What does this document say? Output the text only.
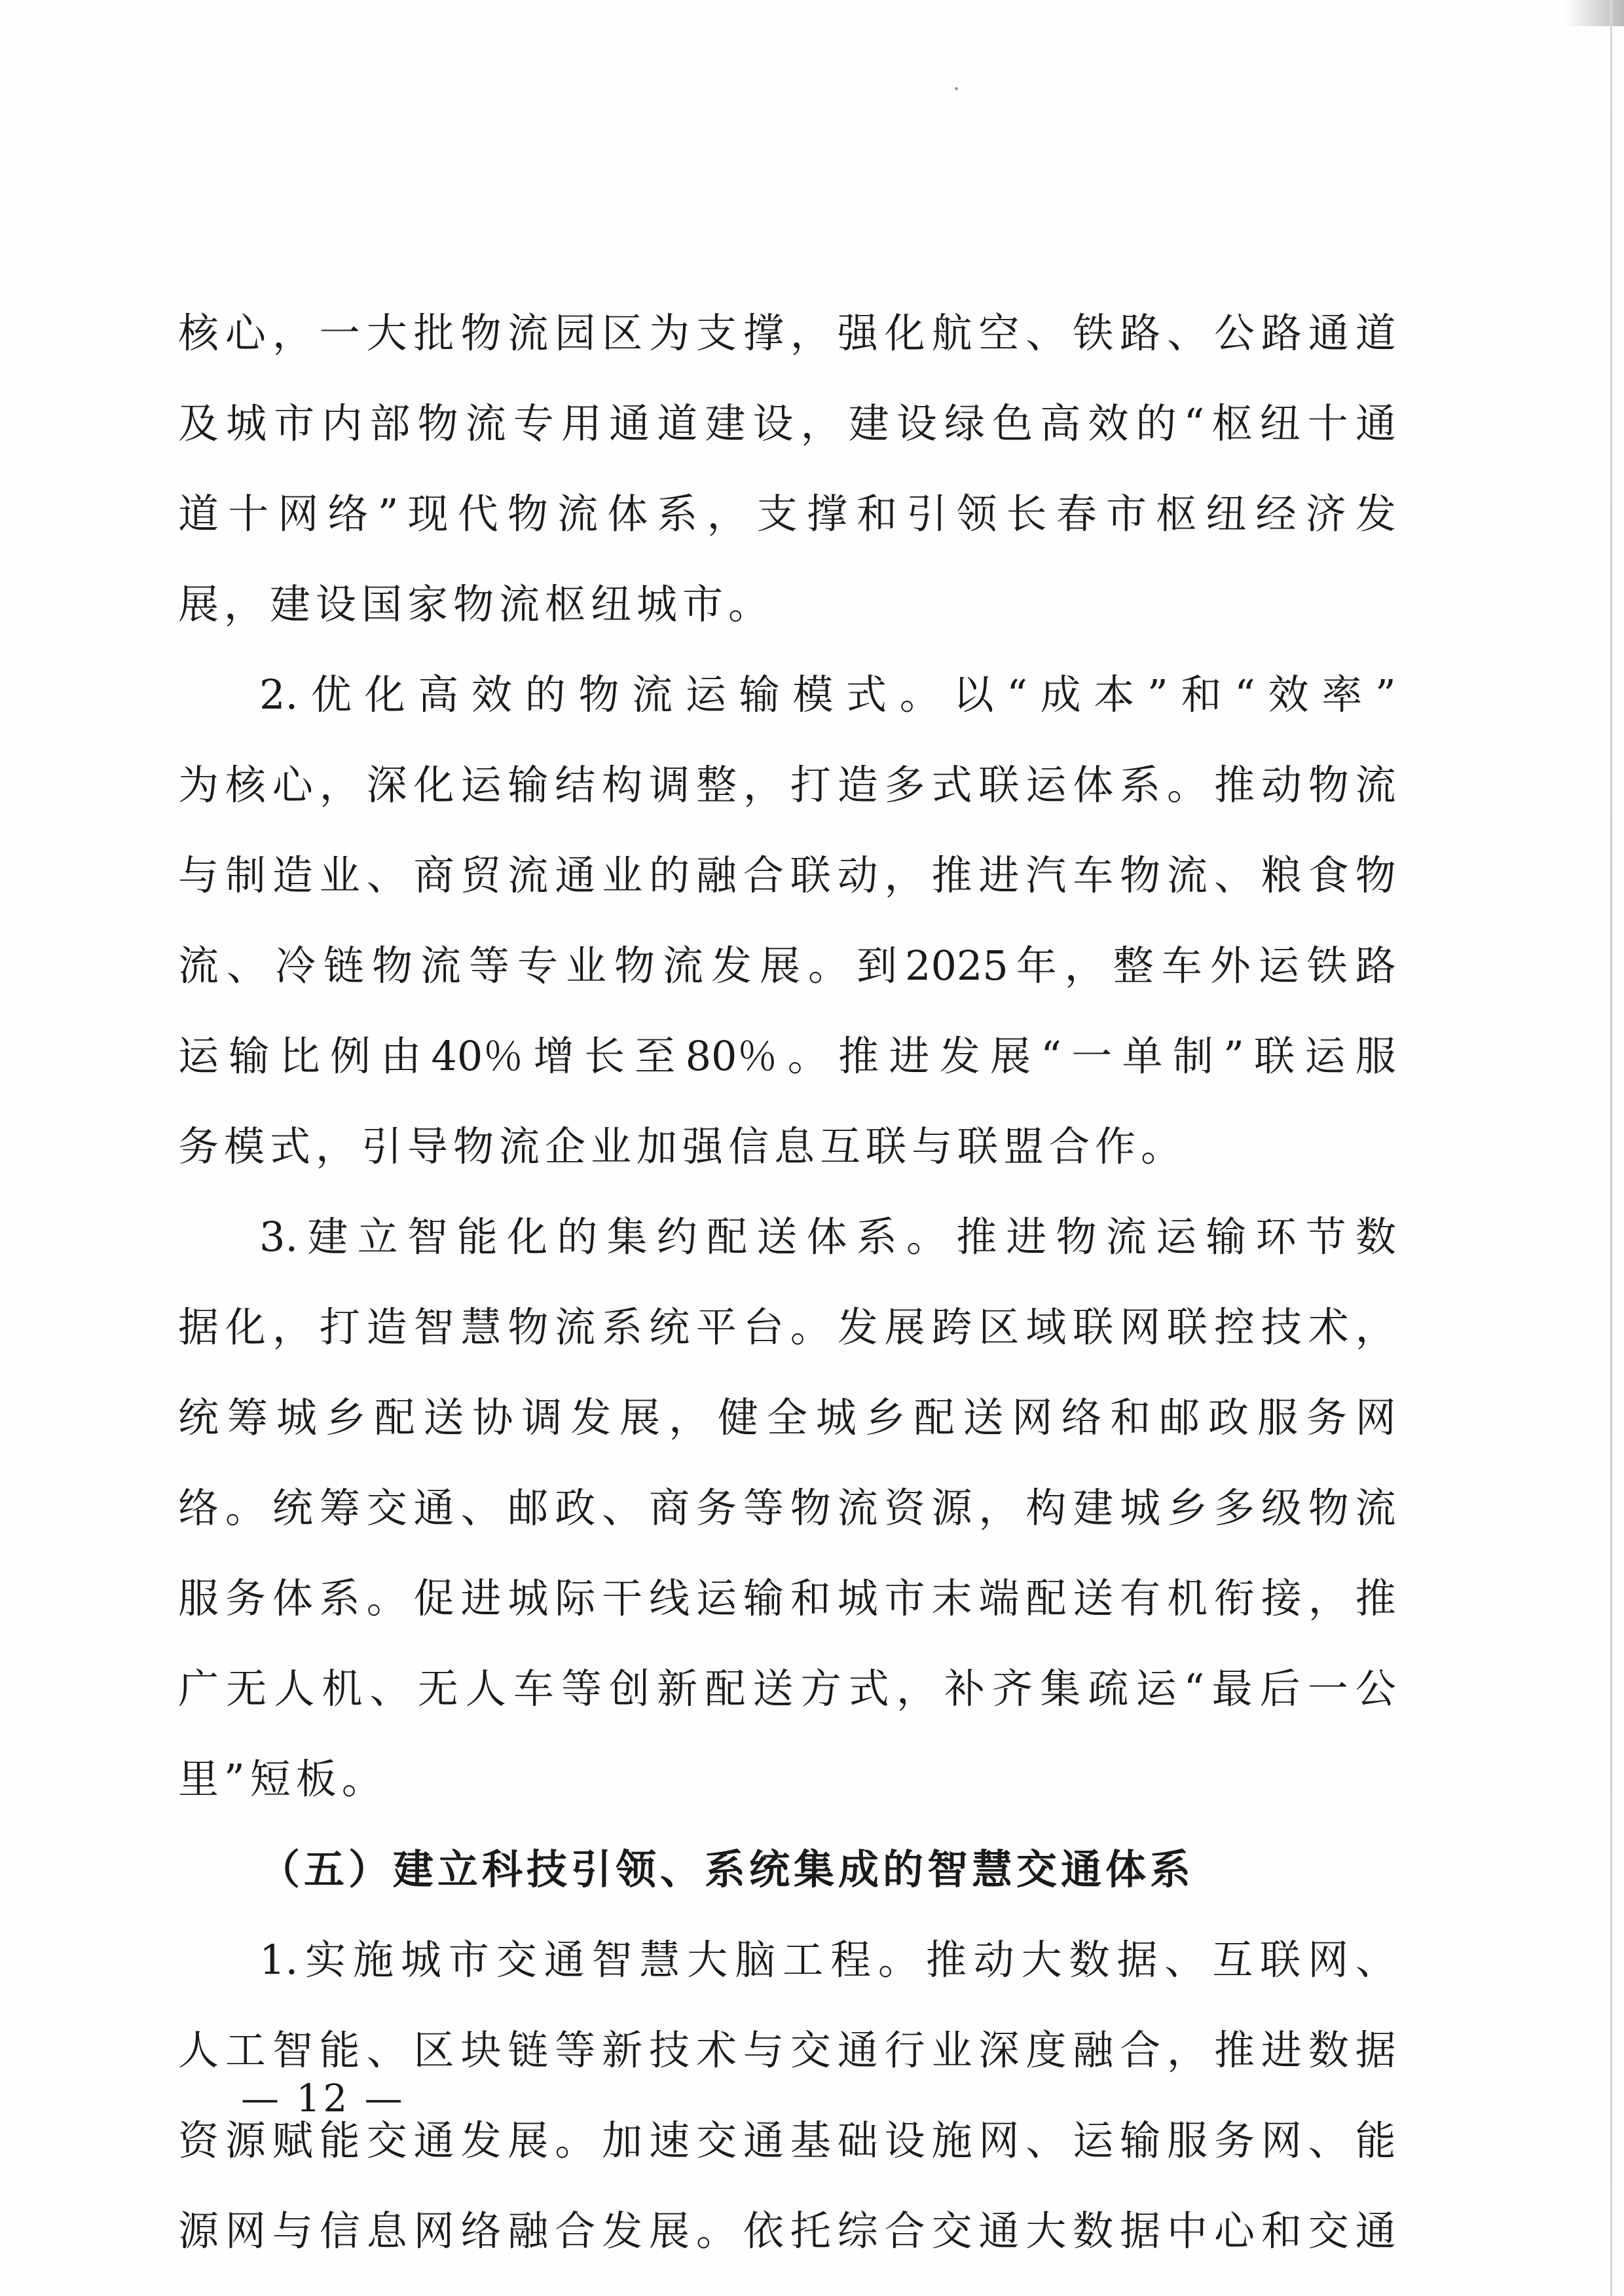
核 心 ， 一 大 批 物 流 园 区 为 支 撑 ， 强 化 航 空 、 铁 路 、 公 路 通 道
及 城 市 内 部 物 流 专 用 通 道 建 设 ， 建 设 绿 色 高 效 的 “ 枢 纽 十 通
道 十 网 络 ” 现 代 物 流 体 系 ， 支 撑 和 引 领 长 春 市 枢 纽 经 济 发
展，建设国家物流枢纽城市。
2. 优 化 高 效 的 物 流 运 输 模 式 。 以 “ 成 本 ” 和 “ 效 率 ”
为 核 心 ， 深 化 运 输 结 构 调 整 ， 打 造 多 式 联 运 体 系 。 推 动 物 流
与 制 造 业 、 商 贸 流 通 业 的 融 合 联 动 ， 推 进 汽 车 物 流 、 粮 食 物
流 、 冷 链 物 流 等 专 业 物 流 发 展 。 到 2025 年 ， 整 车 外 运 铁 路
运 输 比 例 由 40％ 增 长 至 80％ 。 推 进 发 展 “ 一 单 制 ” 联 运 服
务模式，引导物流企业加强信息互联与联盟合作。
3. 建 立 智 能 化 的 集 约 配 送 体 系 。 推 进 物 流 运 输 环 节 数
据 化 ， 打 造 智 慧 物 流 系 统 平 台 。 发 展 跨 区 域 联 网 联 控 技 术 ，
统 筹 城 乡 配 送 协 调 发 展 ， 健 全 城 乡 配 送 网 络 和 邮 政 服 务 网
络 。 统 筹 交 通 、 邮 政 、 商 务 等 物 流 资 源 ， 构 建 城 乡 多 级 物 流
服 务 体 系 。 促 进 城 际 干 线 运 输 和 城 市 末 端 配 送 有 机 衔 接 ， 推
广 无 人 机 、 无 人 车 等 创 新 配 送 方 式 ， 补 齐 集 疏 运 “ 最 后 一 公
里”短板。
（五）建立科技引领、系统集成的智慧交通体系
1. 实 施 城 市 交 通 智 慧 大 脑 工 程 。 推 动 大 数 据 、 互 联 网 、
人 工 智 能 、 区 块 链 等 新 技 术 与 交 通 行 业 深 度 融 合 ， 推 进 数 据
资 源 赋 能 交 通 发 展 。 加 速 交 通 基 础 设 施 网 、 运 输 服 务 网 、 能
源 网 与 信 息 网 络 融 合 发 展 。 依 托 综 合 交 通 大 数 据 中 心 和 交 通
— 12 —
